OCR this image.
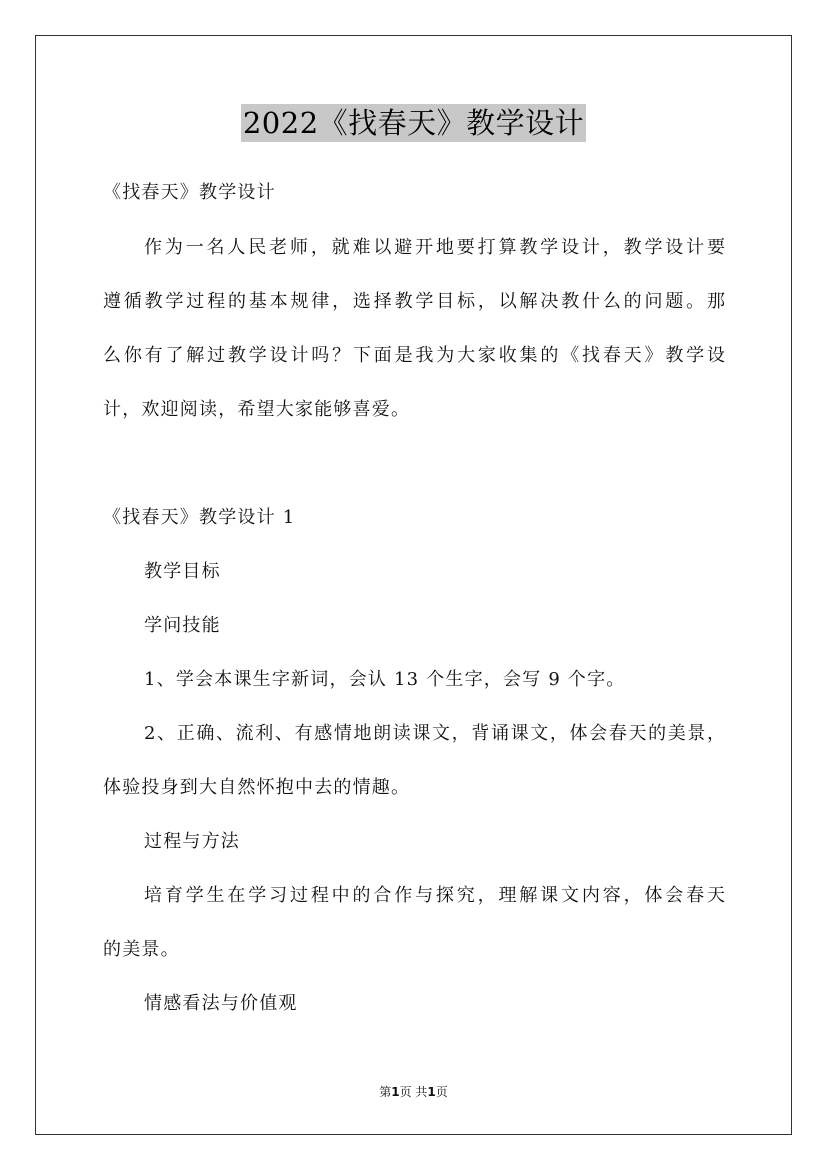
2022《找春天》教学设计
《找春天》教学设计
作为一名人民老师，就难以避开地要打算教学设计，教学设计要
遵循教学过程的基本规律，选择教学目标，以解决教什么的问题。那
么你有了解过教学设计吗？下面是我为大家收集的《找春天》教学设
计，欢迎阅读，希望大家能够喜爱。
《找春天》教学设计 1
教学目标
学问技能
1、学会本课生字新词，会认 13 个生字，会写 9 个字。
2、正确、流利、有感情地朗读课文，背诵课文，体会春天的美景，
体验投身到大自然怀抱中去的情趣。
过程与方法
培育学生在学习过程中的合作与探究，理解课文内容，体会春天
的美景。
情感看法与价值观
第1页 共1页
